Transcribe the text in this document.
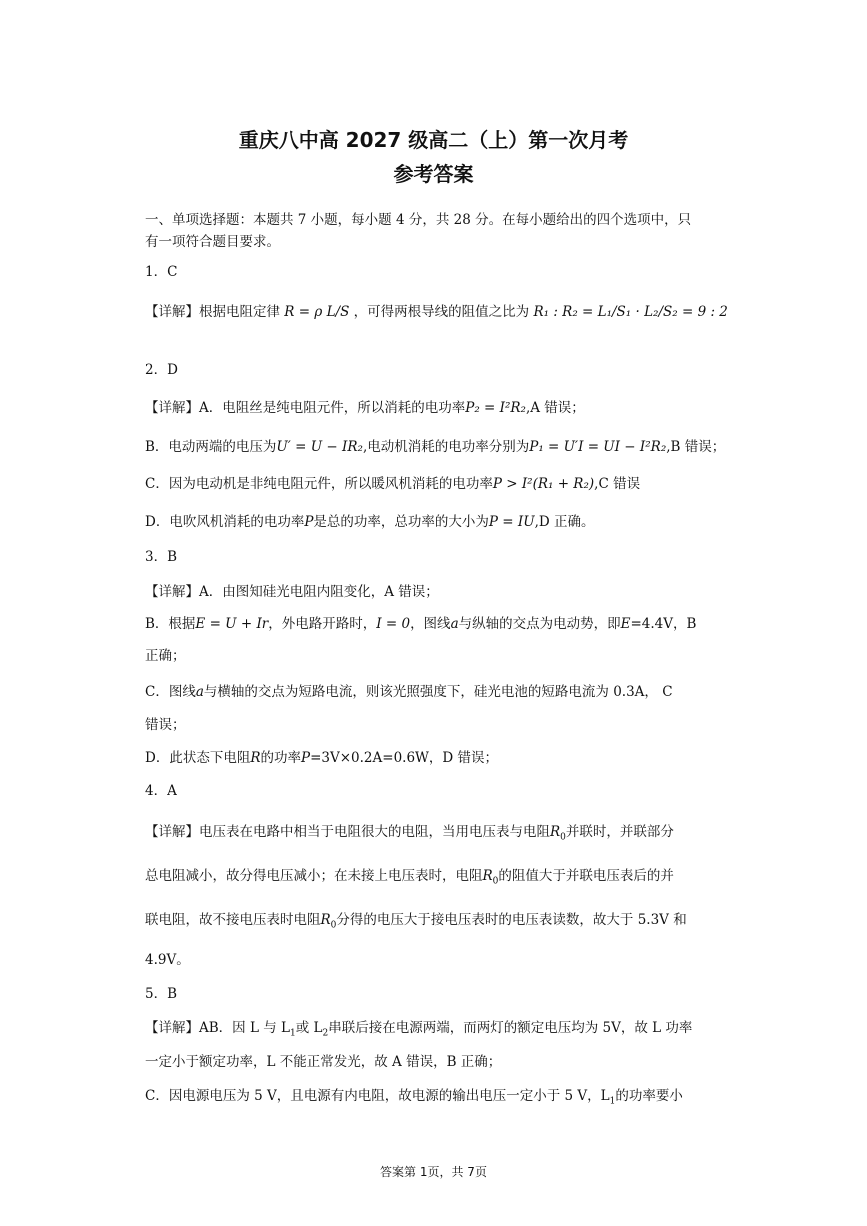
重庆八中高 2027 级高二（上）第一次月考
参考答案
一、单项选择题：本题共 7 小题，每小题 4 分，共 28 分。在每小题给出的四个选项中，只
有一项符合题目要求。
1．C
【详解】根据电阻定律 R = ρ L/S ，可得两根导线的阻值之比为 R₁ : R₂ = L₁/S₁ · L₂/S₂ = 9 : 2
2．D
【详解】A．电阻丝是纯电阻元件，所以消耗的电功率P₂ = I²R₂,A 错误；
B．电动两端的电压为U′ = U − IR₂,电动机消耗的电功率分别为P₁ = U′I = UI − I²R₂,B 错误；
C．因为电动机是非纯电阻元件，所以暖风机消耗的电功率P > I²(R₁ + R₂),C 错误
D．电吹风机消耗的电功率P是总的功率，总功率的大小为P = IU,D 正确。
3．B
【详解】A．由图知硅光电阻内阻变化，A 错误；
B．根据E = U + Ir，外电路开路时，I = 0，图线a与纵轴的交点为电动势，即E=4.4V，B
正确；
C．图线a与横轴的交点为短路电流，则该光照强度下，硅光电池的短路电流为 0.3A， C
错误；
D．此状态下电阻R的功率P=3V×0.2A=0.6W，D 错误；
4．A
【详解】电压表在电路中相当于电阻很大的电阻，当用电压表与电阻$R_0$并联时，并联部分
总电阻减小，故分得电压减小；在未接上电压表时，电阻$R_0$的阻值大于并联电压表后的并
联电阻，故不接电压表时电阻$R_0$分得的电压大于接电压表时的电压表读数，故大于 5.3V 和
4.9V。
5．B
【详解】AB．因 L 与 $L_1$或 $L_2$串联后接在电源两端，而两灯的额定电压均为 5V，故 L 功率
一定小于额定功率，L 不能正常发光，故 A 错误，B 正确；
C．因电源电压为 5 V，且电源有内电阻，故电源的输出电压一定小于 5 V，$L_1$的功率要小
答案第 1页，共 7页
